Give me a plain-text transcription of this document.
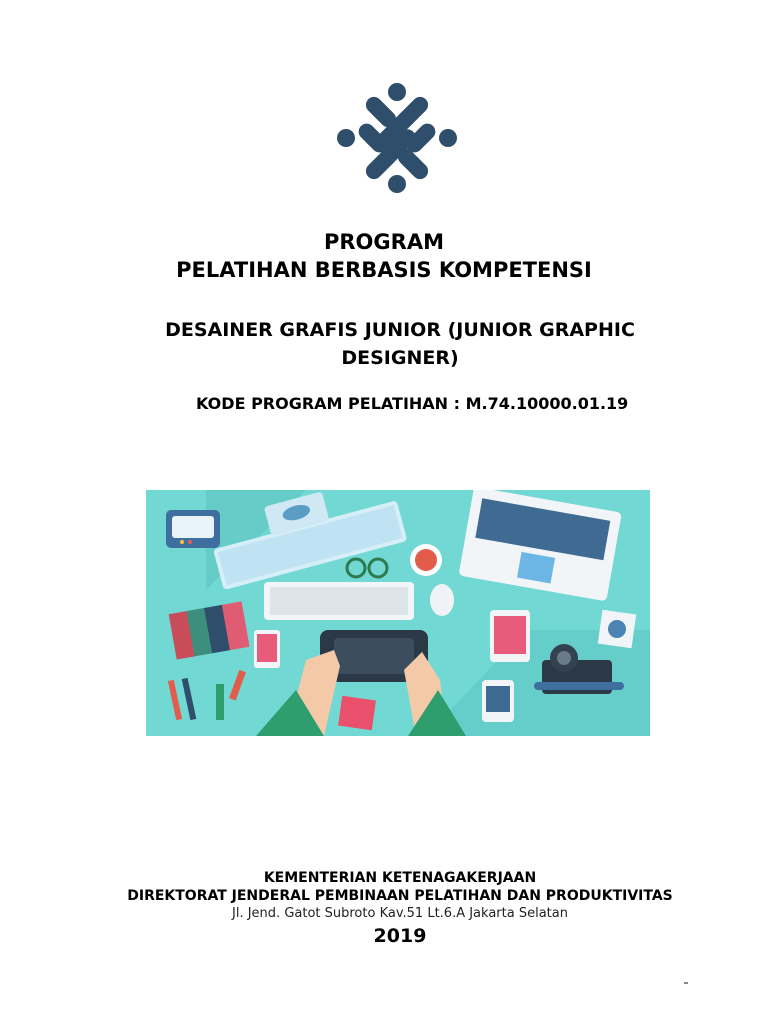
PROGRAM
PELATIHAN BERBASIS KOMPETENSI
DESAINER GRAFIS JUNIOR (JUNIOR GRAPHIC DESIGNER)

KODE PROGRAM PELATIHAN : M.74.10000.01.19

KEMENTERIAN KETENAGAKERJAAN

DIREKTORAT JENDERAL PEMBINAAN PELATIHAN DAN PRODUKTIVITAS

Jl. Jend. Gatot Subroto Kav.51 Lt.6.A Jakarta Selatan

2019
